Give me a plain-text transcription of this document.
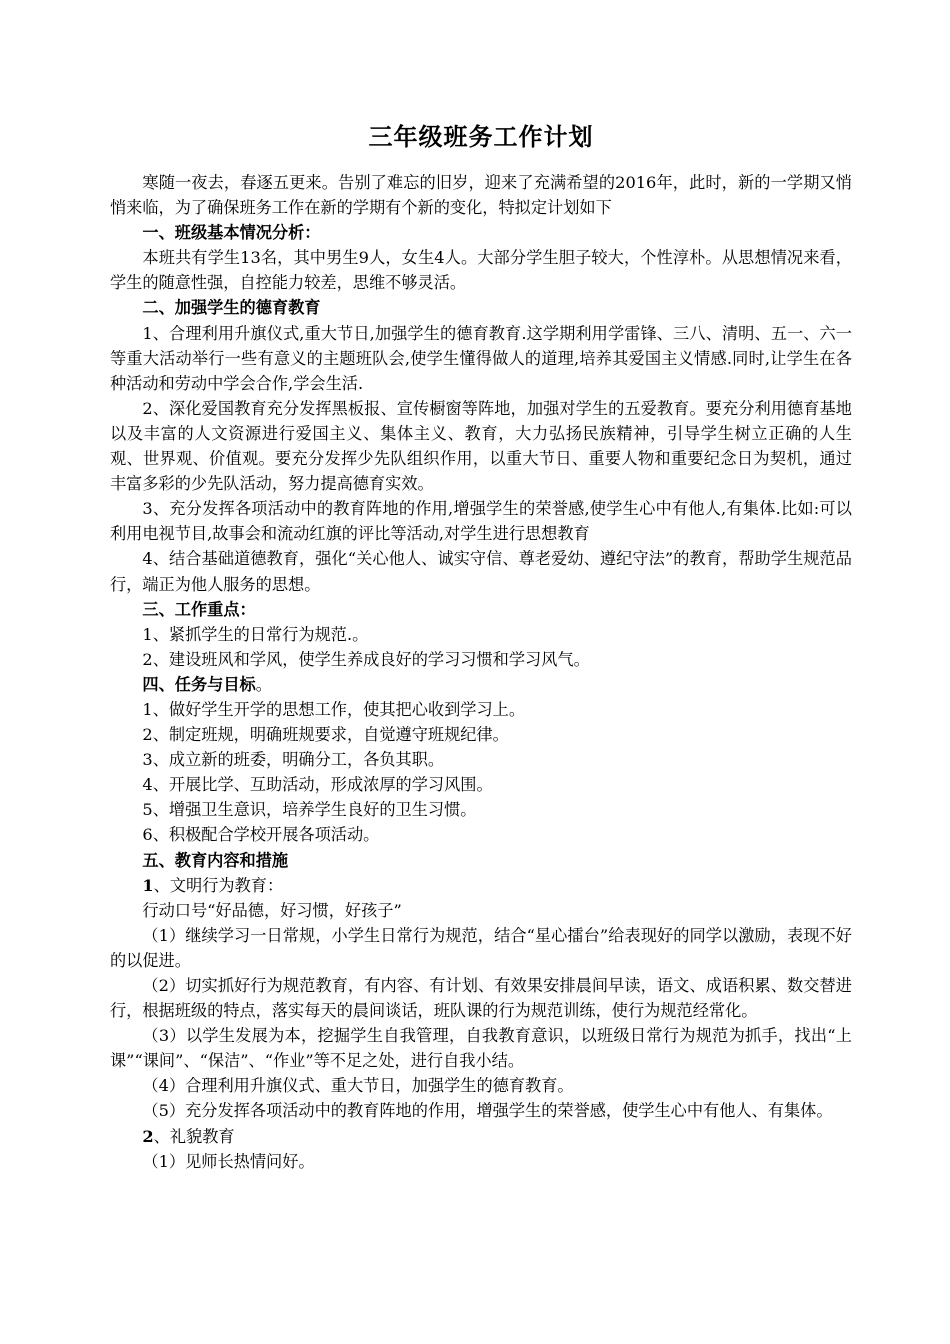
三年级班务工作计划

寒随一夜去，春逐五更来。告别了难忘的旧岁，迎来了充满希望的2016年，此时，新的一学期又悄悄来临，为了确保班务工作在新的学期有个新的变化，特拟定计划如下

一、班级基本情况分析：

本班共有学生13名，其中男生9人，女生4人。大部分学生胆子较大，个性淳朴。从思想情况来看，学生的随意性强，自控能力较差，思维不够灵活。

二、加强学生的德育教育

1、合理利用升旗仪式,重大节日,加强学生的德育教育.这学期利用学雷锋、三八、清明、五一、六一等重大活动举行一些有意义的主题班队会,使学生懂得做人的道理,培养其爱国主义情感.同时,让学生在各种活动和劳动中学会合作,学会生活.

2、深化爱国教育充分发挥黑板报、宣传橱窗等阵地，加强对学生的五爱教育。要充分利用德育基地以及丰富的人文资源进行爱国主义、集体主义、教育，大力弘扬民族精神，引导学生树立正确的人生观、世界观、价值观。要充分发挥少先队组织作用，以重大节日、重要人物和重要纪念日为契机，通过丰富多彩的少先队活动，努力提高德育实效。

3、充分发挥各项活动中的教育阵地的作用,增强学生的荣誉感,使学生心中有他人,有集体.比如:可以利用电视节目,故事会和流动红旗的评比等活动,对学生进行思想教育

4、结合基础道德教育，强化“关心他人、诚实守信、尊老爱幼、遵纪守法”的教育，帮助学生规范品行，端正为他人服务的思想。

三、工作重点：

1、紧抓学生的日常行为规范.。

2、建设班风和学风，使学生养成良好的学习习惯和学习风气。

四、任务与目标。

1、做好学生开学的思想工作，使其把心收到学习上。

2、制定班规，明确班规要求，自觉遵守班规纪律。

3、成立新的班委，明确分工，各负其职。

4、开展比学、互助活动，形成浓厚的学习风围。

5、增强卫生意识，培养学生良好的卫生习惯。

6、积极配合学校开展各项活动。

五、教育内容和措施

1、文明行为教育：

行动口号“好品德，好习惯，好孩子”

（1）继续学习一日常规，小学生日常行为规范，结合“星心擂台”给表现好的同学以激励，表现不好的以促进。

（2）切实抓好行为规范教育，有内容、有计划、有效果安排晨间早读，语文、成语积累、数交替进行，根据班级的特点，落实每天的晨间谈话，班队课的行为规范训练，使行为规范经常化。

（3）以学生发展为本，挖掘学生自我管理，自我教育意识，以班级日常行为规范为抓手，找出“上课”“课间”、“保洁”、“作业”等不足之处，进行自我小结。

（4）合理利用升旗仪式、重大节日，加强学生的德育教育。

（5）充分发挥各项活动中的教育阵地的作用，增强学生的荣誉感，使学生心中有他人、有集体。

2、礼貌教育

（1）见师长热情问好。
